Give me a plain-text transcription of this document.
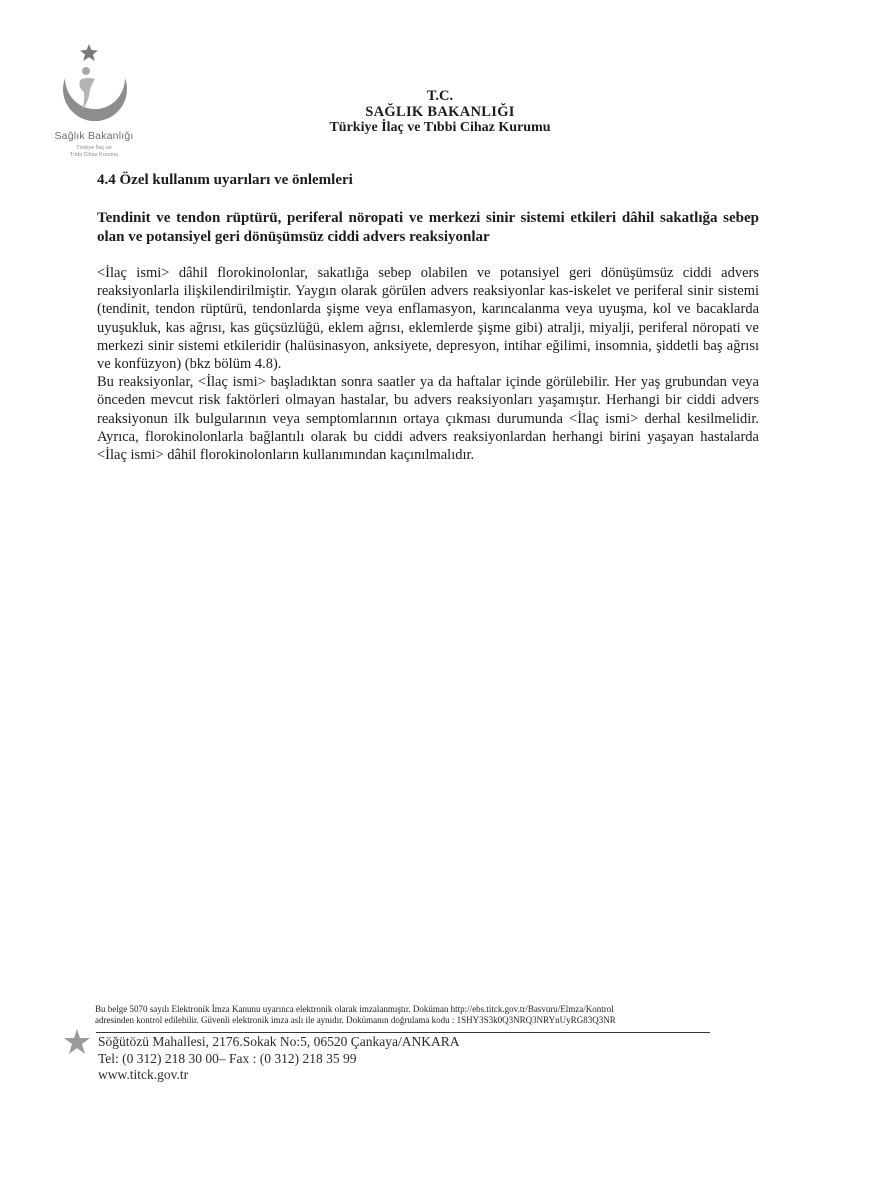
Sağlık Bakanlığı
Türkiye İlaç ve
Tıbbi Cihaz Kurumu
T.C.
SAĞLIK BAKANLIĞI
Türkiye İlaç ve Tıbbi Cihaz Kurumu
4.4 Özel kullanım uyarıları ve önlemleri
Tendinit ve tendon rüptürü, periferal nöropati ve merkezi sinir sistemi etkileri dâhil sakatlığa sebep olan ve potansiyel geri dönüşümsüz ciddi advers reaksiyonlar

<İlaç ismi> dâhil florokinolonlar, sakatlığa sebep olabilen ve potansiyel geri dönüşümsüz ciddi advers reaksiyonlarla ilişkilendirilmiştir. Yaygın olarak görülen advers reaksiyonlar kas-iskelet ve periferal sinir sistemi (tendinit, tendon rüptürü, tendonlarda şişme veya enflamasyon, karıncalanma veya uyuşma, kol ve bacaklarda uyuşukluk, kas ağrısı, kas güçsüzlüğü, eklem ağrısı, eklemlerde şişme gibi) atralji, miyalji, periferal nöropati ve merkezi sinir sistemi etkileridir (halüsinasyon, anksiyete, depresyon, intihar eğilimi, insomnia, şiddetli baş ağrısı ve konfüzyon) (bkz bölüm 4.8).

Bu reaksiyonlar, <İlaç ismi> başladıktan sonra saatler ya da haftalar içinde görülebilir. Her yaş grubundan veya önceden mevcut risk faktörleri olmayan hastalar, bu advers reaksiyonları yaşamıştır. Herhangi bir ciddi advers reaksiyonun ilk bulgularının veya semptomlarının ortaya çıkması durumunda <İlaç ismi> derhal kesilmelidir. Ayrıca, florokinolonlarla bağlantılı olarak bu ciddi advers reaksiyonlardan herhangi birini yaşayan hastalarda <İlaç ismi> dâhil florokinolonların kullanımından kaçınılmalıdır.

Bu belge 5070 sayılı Elektronik İmza Kanunu uyarınca elektronik olarak imzalanmıştır. Doküman http://ebs.titck.gov.tr/Basvuru/Elmza/Kontrol
adresinden kontrol edilebilir. Güvenli elektronik imza aslı ile aynıdır. Dokümanın doğrulama kodu : 1SHY3S3k0Q3NRQ3NRYnUyRG83Q3NR
Söğütözü Mahallesi, 2176.Sokak No:5, 06520 Çankaya/ANKARA
Tel: (0 312) 218 30 00– Fax : (0 312) 218 35 99
www.titck.gov.tr
